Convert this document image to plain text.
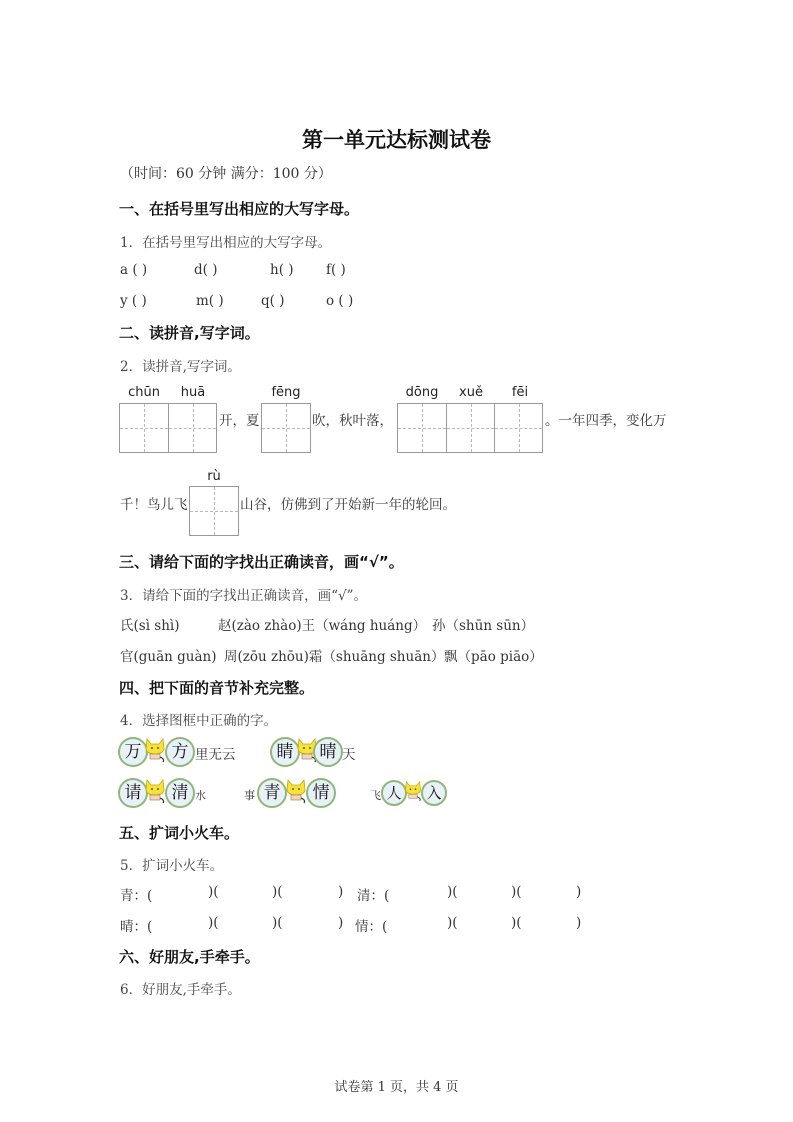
第一单元达标测试卷
（时间：60 分钟 满分：100 分）
一、在括号里写出相应的大写字母。
1．在括号里写出相应的大写字母。
a ( )	d( )	h( ) f( )
y ( )	m( )	q( )	o ( )
二、读拼音,写字词。
2．读拼音,写字词。
chūn	huā
开，夏
fēng
吹，秋叶落，
dōng	xuě	fēi
。一年四季，变化万
千！鸟儿飞
rù
山谷，仿佛到了开始新一年的轮回。
三、请给下面的字找出正确读音，画“√”。
3．请给下面的字找出正确读音，画“√”。
氏(sì shì)	赵(zào zhào)王（wáng huáng） 孙（shūn sūn）
官(guān guàn) 周(zōu zhōu)霜（shuāng shuān） 飘（pāo piāo）
四、把下面的音节补充完整。
4．选择图框中正确的字。
万	方 里无云	睛	晴 天
请	清 水	事 青	情	飞 人	入
五、扩词小火车。
5．扩词小火车。
青：(	)(	)(	) 清：(	)(	)(	)
晴：(	)(	)(	) 情：(	)(	)(	)
六、好朋友,手牵手。
6．好朋友,手牵手。
试卷第 1 页，共 4 页
